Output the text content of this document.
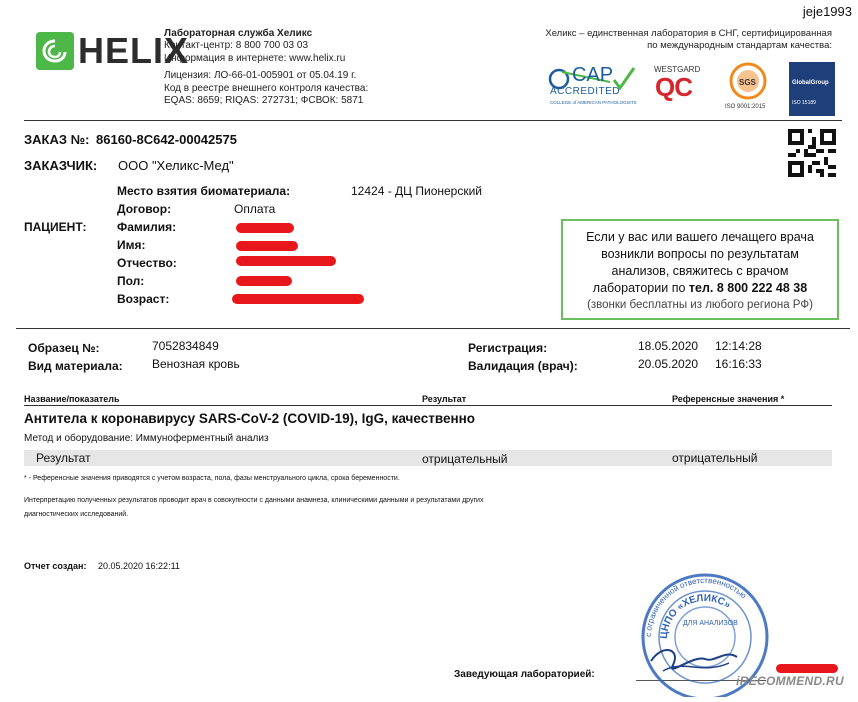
jeje1993
HELIX
Лабораторная служба Хеликс
Контакт-центр: 8 800 700 03 03
Информация в интернете: www.helix.ru
Лицензия: ЛО-66-01-005901 от 05.04.19 г.
Код в реестре внешнего контроля качества:
EQAS: 8659; RIQAS: 272731; ФСВОК: 5871
Хеликс – единственная лаборатория в СНГ, сертифицированная
по международным стандартам качества:
CAP
ACCREDITED
COLLEGE of AMERICAN PATHOLOGISTS
WESTGARD
QC	SGS
ISO 9001:2015
GlobalGroup
ISO 15189
ЗАКАЗ №: 86160-8C642-00042575
ЗАКАЗЧИК: ООО "Хеликс-Мед"
Место взятия биоматериала:	12424 - ДЦ Пионерский
Договор:	Оплата
ПАЦИЕНТ:	Фамилия:
Имя:
Отчество:
Пол:
Возраст:
Если у вас или вашего лечащего врача
возникли вопросы по результатам
анализов, свяжитесь с врачом
лаборатории по тел. 8 800 222 48 38
(звонки бесплатны из любого региона РФ)
Образец №:	7052834849
Вид материала: Венозная кровь
Регистрация:	18.05.2020 12:14:28
Валидация (врач):	20.05.2020 16:16:33
Название/показатель	Результат	Референсные значения *
Антитела к коронавирусу SARS-CoV-2 (COVID-19), IgG, качественно
Метод и оборудование: Иммуноферментный анализ
Результат	отрицательный	отрицательный
* - Референсные значения приводятся с учетом возраста, пола, фазы менструального цикла, срока беременности.
Интерпретацию полученных результатов проводит врач в совокупности с данными анамнеза, клиническими данными и результатами других
диагностических исследований.
Отчет создан: 20.05.2020 16:22:11
Заведующая лабораторией:
с ограниченной ответственностью
ЦНПО «ХЕЛИКС»
ДЛЯ АНАЛИЗОВ
iRECOMMEND.RU
